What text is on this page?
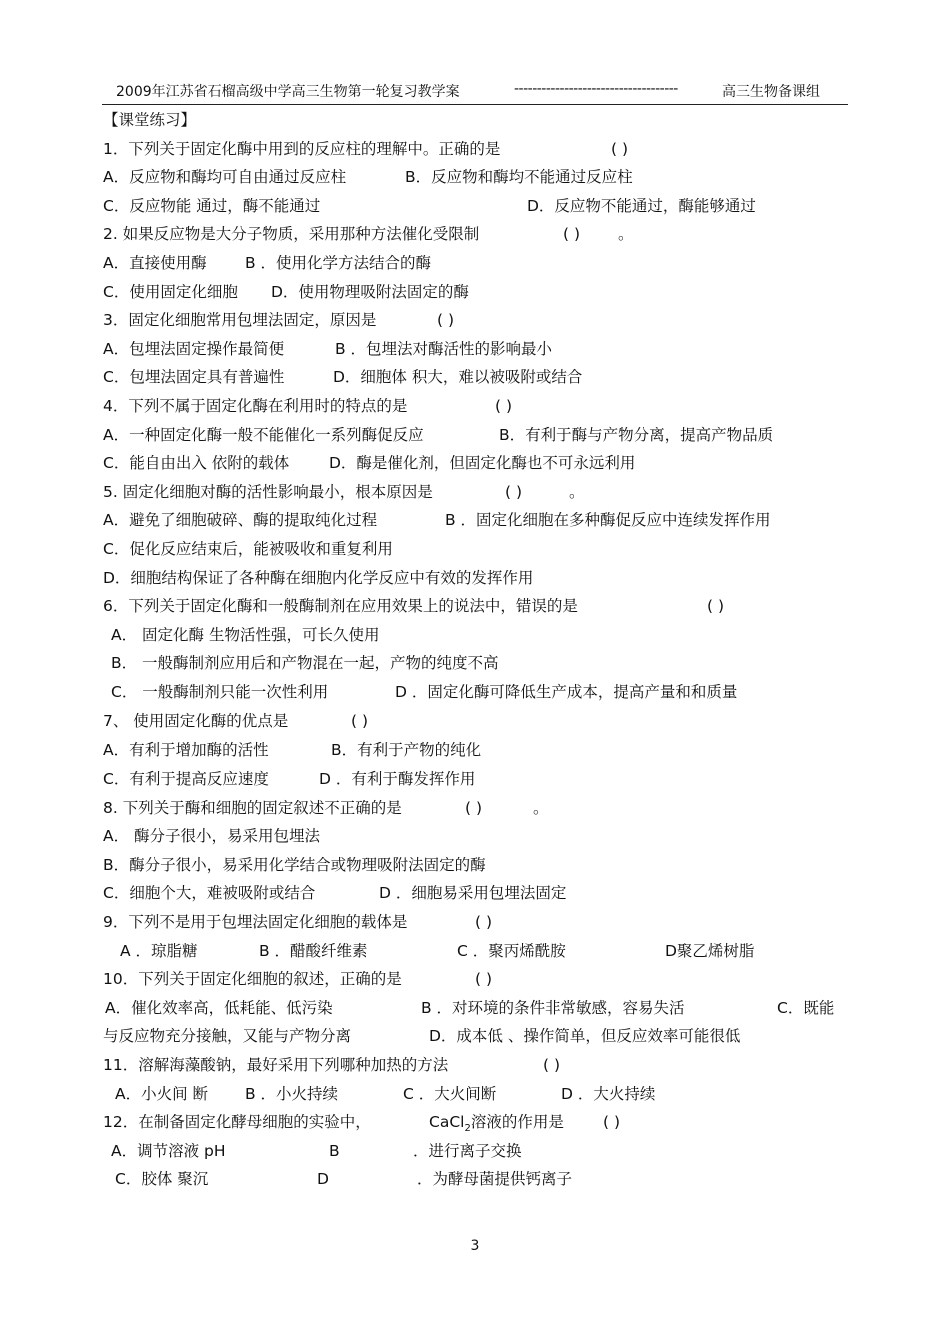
2009年江苏省石榴高级中学高三生物第一轮复习教学案	------------------------------------	高三生物备课组
【课堂练习】
1．下列关于固定化酶中用到的反应柱的理解中。正确的是	( )
A．反应物和酶均可自由通过反应柱	B．反应物和酶均不能通过反应柱
C．反应物能 通过，酶不能通过	D．反应物不能通过，酶能够通过
2. 如果反应物是大分子物质，采用那种方法催化受限制	( ) 。
A．直接使用酶 B ．使用化学方法结合的酶
C．使用固定化细胞 D．使用物理吸附法固定的酶
3．固定化细胞常用包埋法固定，原因是	( )
A．包埋法固定操作最简便	B ．包埋法对酶活性的影响最小
C．包埋法固定具有普遍性	D．细胞体 积大，难以被吸附或结合
4．下列不属于固定化酶在利用时的特点的是	( )
A．一种固定化酶一般不能催化一系列酶促反应	B．有利于酶与产物分离，提高产物品质
C．能自由出入 依附的载体	D．酶是催化剂，但固定化酶也不可永远利用
5. 固定化细胞对酶的活性影响最小，根本原因是	( )	。
A．避免了细胞破碎、酶的提取纯化过程	B ．固定化细胞在多种酶促反应中连续发挥作用
C．促化反应结束后，能被吸收和重复利用
D．细胞结构保证了各种酶在细胞内化学反应中有效的发挥作用
6．下列关于固定化酶和一般酶制剂在应用效果上的说法中，错误的是	( )
A． 固定化酶 生物活性强，可长久使用
B． 一般酶制剂应用后和产物混在一起，产物的纯度不高
C． 一般酶制剂只能一次性利用	D ．固定化酶可降低生产成本，提高产量和和质量
7、 使用固定化酶的优点是	( )
A．有利于增加酶的活性	B．有利于产物的纯化
C．有利于提高反应速度	D ．有利于酶发挥作用
8. 下列关于酶和细胞的固定叙述不正确的是	( )	。
A． 酶分子很小，易采用包埋法
B．酶分子很小，易采用化学结合或物理吸附法固定的酶
C．细胞个大，难被吸附或结合	D ．细胞易采用包埋法固定
9．下列不是用于包埋法固定化细胞的载体是	( )
A ．琼脂糖	B ．醋酸纤维素	C ．聚丙烯酰胺	D聚乙烯树脂
10．下列关于固定化细胞的叙述，正确的是	( )
A．催化效率高，低耗能、低污染	B ．对环境的条件非常敏感，容易失活	C．既能
与反应物充分接触，又能与产物分离	D．成本低 、操作简单，但反应效率可能很低
11．溶解海藻酸钠，最好采用下列哪种加热的方法	( )
A．小火间 断 B ．小火持续	C ．大火间断	D ．大火持续
12．在制备固定化酵母细胞的实验中，	CaCl$_2$溶液的作用是	( )
A．调节溶液 pH	B	．进行离子交换
C．胶体 聚沉	D	．为酵母菌提供钙离子
3
